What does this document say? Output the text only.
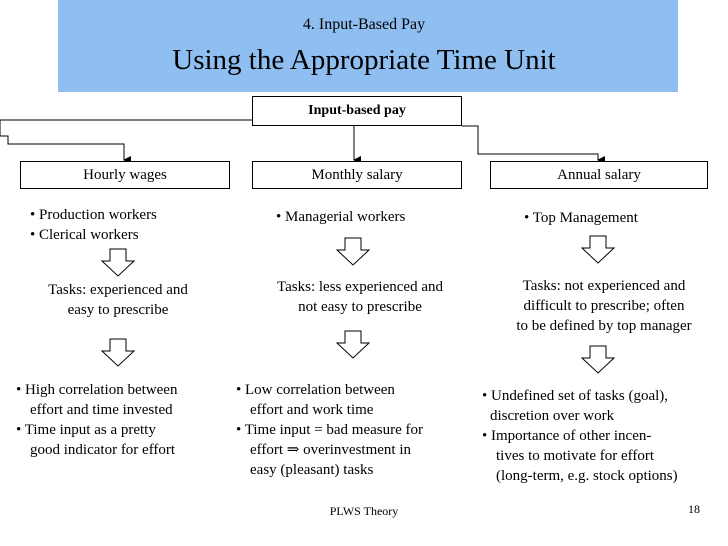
4. Input-Based Pay
Using the Appropriate Time Unit
Input-based pay
Hourly wages	Monthly salary	Annual salary
• Production workers
• Clerical workers
Tasks: experienced and
easy to prescribe
• High correlation between
effort and time invested
• Time input as a pretty
good indicator for effort
• Managerial workers
Tasks: less experienced and
not easy to prescribe
• Low correlation between
effort and work time
• Time input = bad measure for
effort ⇒ overinvestment in
easy (pleasant) tasks
• Top Management
Tasks: not experienced and
difficult to prescribe; often
to be defined by top manager
• Undefined set of tasks (goal),
discretion over work
• Importance of other incen-
tives to motivate for effort
(long-term, e.g. stock options)
PLWS Theory	18
